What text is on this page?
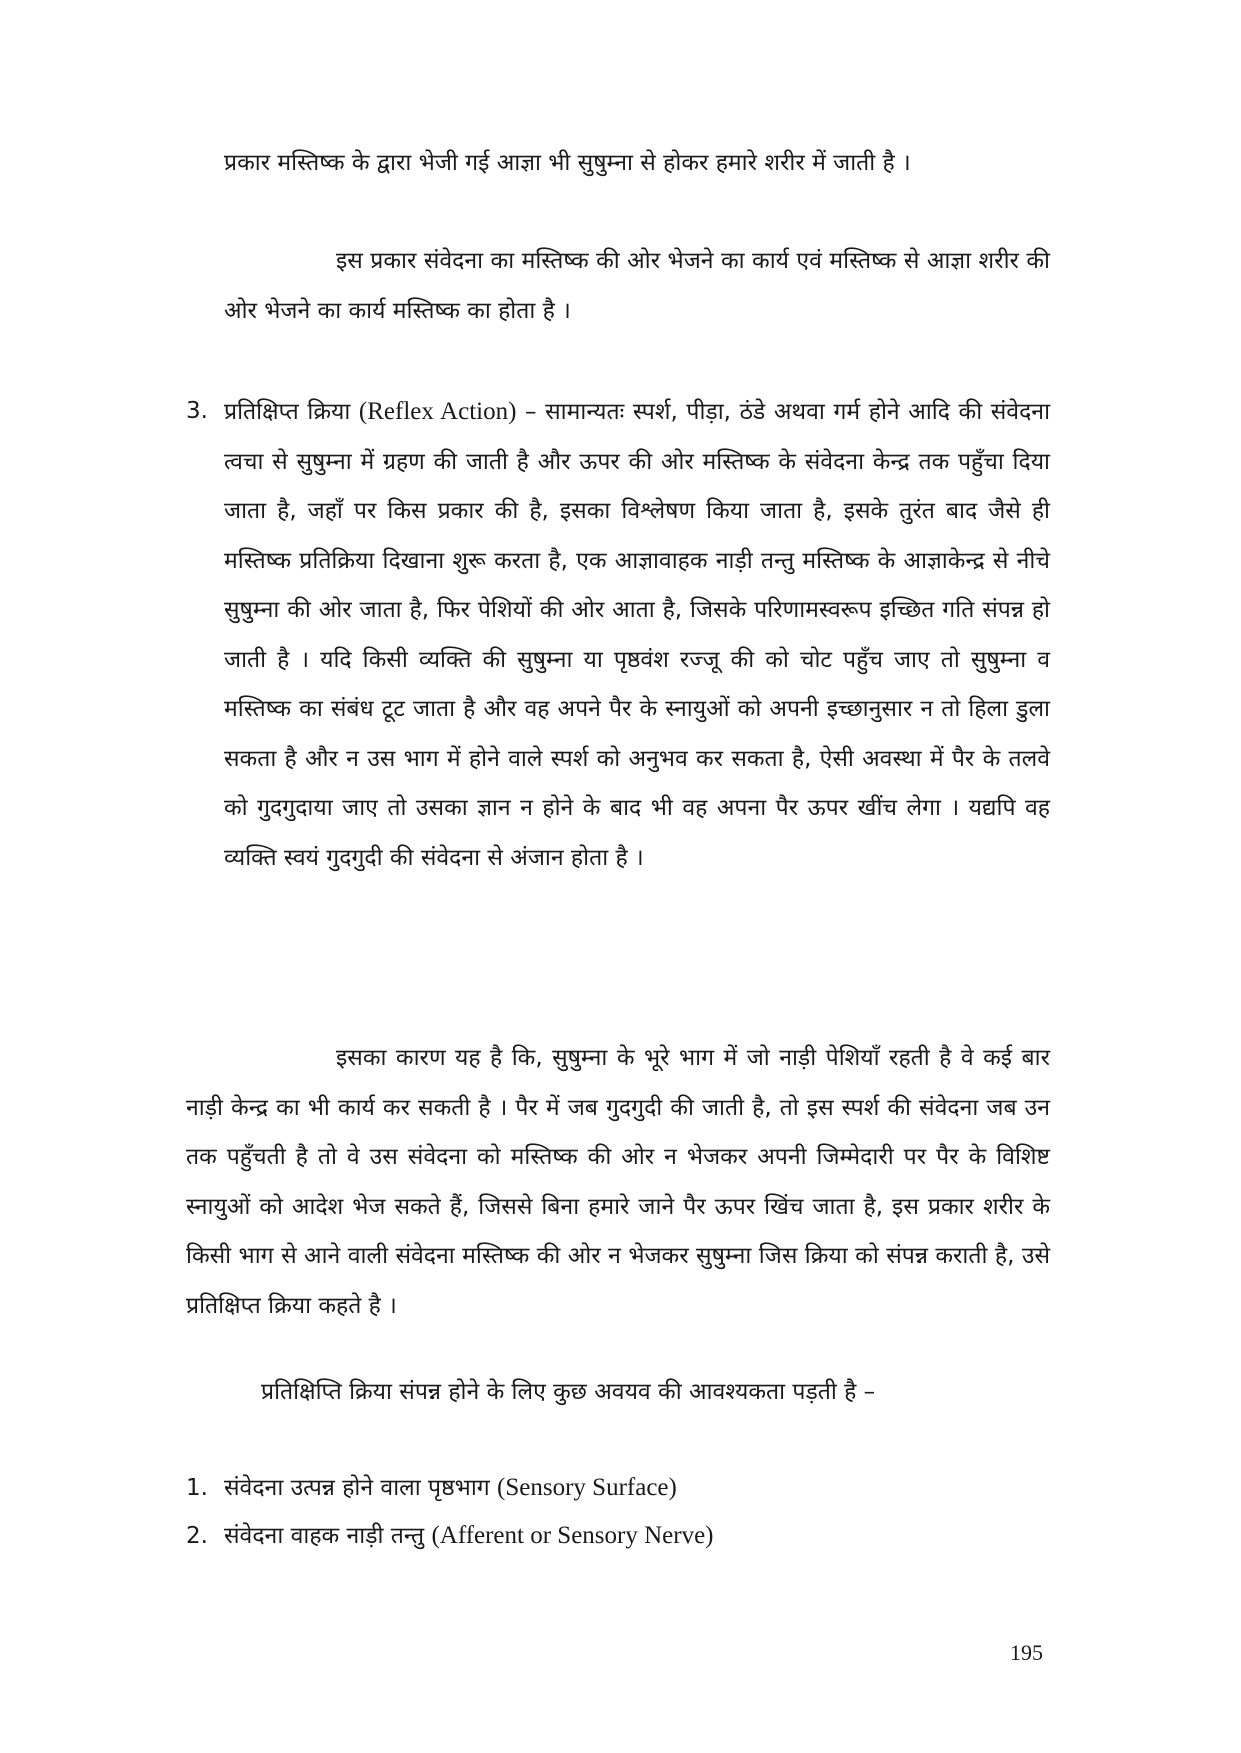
प्रकार मस्तिष्क के द्वारा भेजी गई आज्ञा भी सुषुम्ना से होकर हमारे शरीर में जाती है ।

इस प्रकार संवेदना का मस्तिष्क की ओर भेजने का कार्य एवं मस्तिष्क से आज्ञा शरीर की ओर भेजने का कार्य मस्तिष्क का होता है ।

3. प्रतिक्षिप्त क्रिया (Reflex Action) – सामान्यतः स्पर्श, पीड़ा, ठंडे अथवा गर्म होने आदि की संवेदना त्वचा से सुषुम्ना में ग्रहण की जाती है और ऊपर की ओर मस्तिष्क के संवेदना केन्द्र तक पहुँचा दिया जाता है, जहाँ पर किस प्रकार की है, इसका विश्लेषण किया जाता है, इसके तुरंत बाद जैसे ही मस्तिष्क प्रतिक्रिया दिखाना शुरू करता है, एक आज्ञावाहक नाड़ी तन्तु मस्तिष्क के आज्ञाकेन्द्र से नीचे सुषुम्ना की ओर जाता है, फिर पेशियों की ओर आता है, जिसके परिणामस्वरूप इच्छित गति संपन्न हो जाती है । यदि किसी व्यक्ति की सुषुम्ना या पृष्ठवंश रज्जू की को चोट पहुँच जाए तो सुषुम्ना व मस्तिष्क का संबंध टूट जाता है और वह अपने पैर के स्नायुओं को अपनी इच्छानुसार न तो हिला डुला सकता है और न उस भाग में होने वाले स्पर्श को अनुभव कर सकता है, ऐसी अवस्था में पैर के तलवे को गुदगुदाया जाए तो उसका ज्ञान न होने के बाद भी वह अपना पैर ऊपर खींच लेगा । यद्यपि वह व्यक्ति स्वयं गुदगुदी की संवेदना से अंजान होता है ।

इसका कारण यह है कि, सुषुम्ना के भूरे भाग में जो नाड़ी पेशियाँ रहती है वे कई बार नाड़ी केन्द्र का भी कार्य कर सकती है । पैर में जब गुदगुदी की जाती है, तो इस स्पर्श की संवेदना जब उन तक पहुँचती है तो वे उस संवेदना को मस्तिष्क की ओर न भेजकर अपनी जिम्मेदारी पर पैर के विशिष्ट स्नायुओं को आदेश भेज सकते हैं, जिससे बिना हमारे जाने पैर ऊपर खिंच जाता है, इस प्रकार शरीर के किसी भाग से आने वाली संवेदना मस्तिष्क की ओर न भेजकर सुषुम्ना जिस क्रिया को संपन्न कराती है, उसे प्रतिक्षिप्त क्रिया कहते है ।

प्रतिक्षिप्ति क्रिया संपन्न होने के लिए कुछ अवयव की आवश्यकता पड़ती है –

1. संवेदना उत्पन्न होने वाला पृष्ठभाग (Sensory Surface)
2. संवेदना वाहक नाड़ी तन्तु (Afferent or Sensory Nerve)
195
